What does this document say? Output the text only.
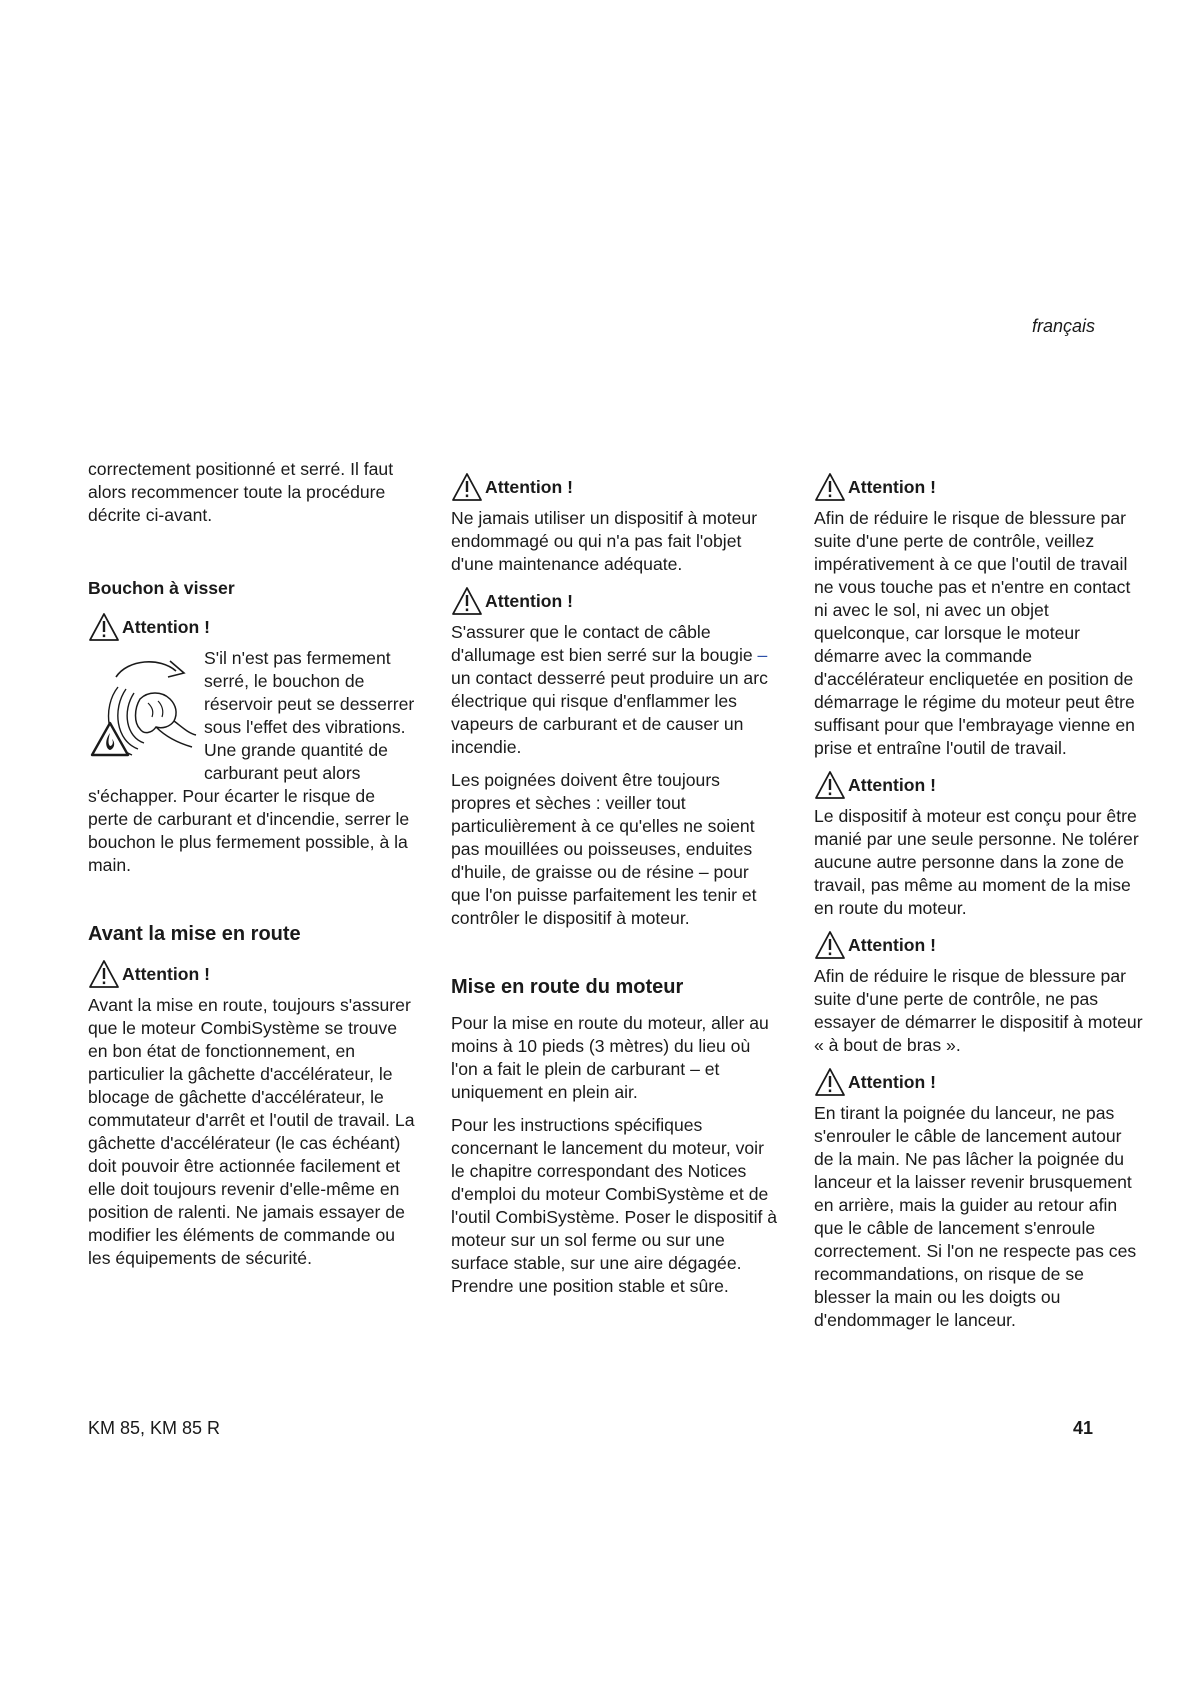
français

correctement positionné et serré. Il faut alors recommencer toute la procédure décrite ci-avant.

Bouchon à visser
Attention !

S'il n'est pas fermement serré, le bouchon de réservoir peut se desserrer sous l'effet des vibrations. Une grande quantité de carburant peut alors s'échapper. Pour écarter le risque de perte de carburant et d'incendie, serrer le bouchon le plus fermement possible, à la main.

Avant la mise en route
Attention !

Avant la mise en route, toujours s'assurer que le moteur CombiSystème se trouve en bon état de fonctionnement, en particulier la gâchette d'accélérateur, le blocage de gâchette d'accélérateur, le commutateur d'arrêt et l'outil de travail. La gâchette d'accélérateur (le cas échéant) doit pouvoir être actionnée facilement et elle doit toujours revenir d'elle-même en position de ralenti. Ne jamais essayer de modifier les éléments de commande ou les équipements de sécurité.

Attention !

Ne jamais utiliser un dispositif à moteur endommagé ou qui n'a pas fait l'objet d'une maintenance adéquate.

Attention !

S'assurer que le contact de câble d'allumage est bien serré sur la bougie – un contact desserré peut produire un arc électrique qui risque d'enflammer les vapeurs de carburant et de causer un incendie.

Les poignées doivent être toujours propres et sèches : veiller tout particulièrement à ce qu'elles ne soient pas mouillées ou poisseuses, enduites d'huile, de graisse ou de résine – pour que l'on puisse parfaitement les tenir et contrôler le dispositif à moteur.

Mise en route du moteur

Pour la mise en route du moteur, aller au moins à 10 pieds (3 mètres) du lieu où l'on a fait le plein de carburant – et uniquement en plein air.

Pour les instructions spécifiques concernant le lancement du moteur, voir le chapitre correspondant des Notices d'emploi du moteur CombiSystème et de l'outil CombiSystème. Poser le dispositif à moteur sur un sol ferme ou sur une surface stable, sur une aire dégagée. Prendre une position stable et sûre.

Attention !

Afin de réduire le risque de blessure par suite d'une perte de contrôle, veillez impérativement à ce que l'outil de travail ne vous touche pas et n'entre en contact ni avec le sol, ni avec un objet quelconque, car lorsque le moteur démarre avec la commande d'accélérateur encliquetée en position de démarrage le régime du moteur peut être suffisant pour que l'embrayage vienne en prise et entraîne l'outil de travail.

Attention !

Le dispositif à moteur est conçu pour être manié par une seule personne. Ne tolérer aucune autre personne dans la zone de travail, pas même au moment de la mise en route du moteur.

Attention !

Afin de réduire le risque de blessure par suite d'une perte de contrôle, ne pas essayer de démarrer le dispositif à moteur « à bout de bras ».

Attention !

En tirant la poignée du lanceur, ne pas s'enrouler le câble de lancement autour de la main. Ne pas lâcher la poignée du lanceur et la laisser revenir brusquement en arrière, mais la guider au retour afin que le câble de lancement s'enroule correctement. Si l'on ne respecte pas ces recommandations, on risque de se blesser la main ou les doigts ou d'endommager le lanceur.

KM 85, KM 85 R	41
